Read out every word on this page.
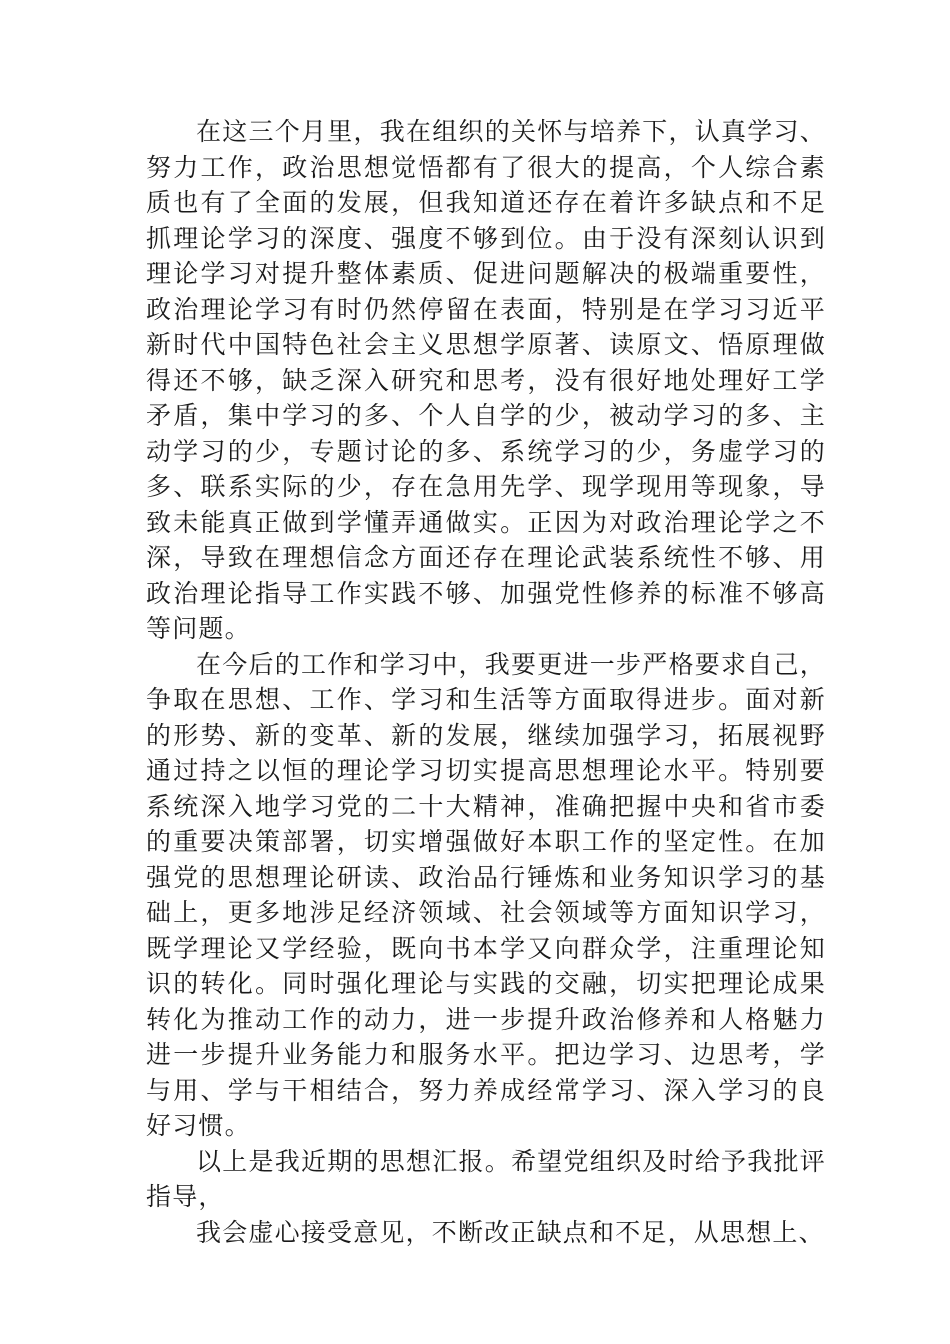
在这三个月里，我在组织的关怀与培养下，认真学习、努力工作，政治思想觉悟都有了很大的提高，个人综合素质也有了全面的发展，但我知道还存在着许多缺点和不足抓理论学习的深度、强度不够到位。由于没有深刻认识到理论学习对提升整体素质、促进问题解决的极端重要性，政治理论学习有时仍然停留在表面，特别是在学习习近平新时代中国特色社会主义思想学原著、读原文、悟原理做得还不够，缺乏深入研究和思考，没有很好地处理好工学矛盾，集中学习的多、个人自学的少，被动学习的多、主动学习的少，专题讨论的多、系统学习的少，务虚学习的多、联系实际的少，存在急用先学、现学现用等现象，导致未能真正做到学懂弄通做实。正因为对政治理论学之不深，导致在理想信念方面还存在理论武装系统性不够、用政治理论指导工作实践不够、加强党性修养的标准不够高等问题。

在今后的工作和学习中，我要更进一步严格要求自己，争取在思想、工作、学习和生活等方面取得进步。面对新的形势、新的变革、新的发展，继续加强学习，拓展视野通过持之以恒的理论学习切实提高思想理论水平。特别要系统深入地学习党的二十大精神，准确把握中央和省市委的重要决策部署，切实增强做好本职工作的坚定性。在加强党的思想理论研读、政治品行锤炼和业务知识学习的基础上，更多地涉足经济领域、社会领域等方面知识学习，既学理论又学经验，既向书本学又向群众学，注重理论知识的转化。同时强化理论与实践的交融，切实把理论成果转化为推动工作的动力，进一步提升政治修养和人格魅力进一步提升业务能力和服务水平。把边学习、边思考，学与用、学与干相结合，努力养成经常学习、深入学习的良好习惯。

以上是我近期的思想汇报。希望党组织及时给予我批评指导，

我会虚心接受意见，不断改正缺点和不足，从思想上、
